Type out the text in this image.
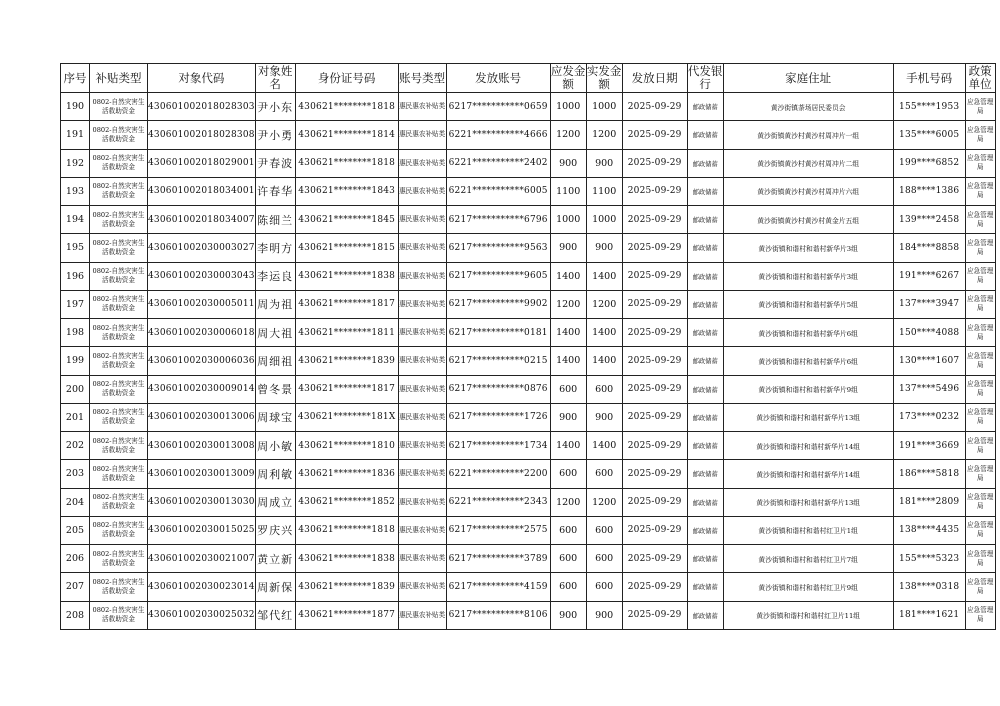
序号	补贴类型	对象代码	对象姓名	身份证号码	账号类型	发放账号	应发金额	实发金额	发放日期	代发银行	家庭住址	手机号码	政策单位
190	0802-自然灾害生活救助资金	430601002018028303	尹小东	430621********1818	惠民惠农补贴类	6217***********0659	1000	1000	2025-09-29	邮政储蓄	黄沙街镇荼场居民委员会	155****1953	应急管理局
191	0802-自然灾害生活救助资金	430601002018028308	尹小勇	430621********1814	惠民惠农补贴类	6221***********4666	1200	1200	2025-09-29	邮政储蓄	黄沙街镇黄沙村黄沙村周冲片一组	135****6005	应急管理局
192	0802-自然灾害生活救助资金	430601002018029001	尹春波	430621********1818	惠民惠农补贴类	6221***********2402	900	900	2025-09-29	邮政储蓄	黄沙街镇黄沙村黄沙村周冲片二组	199****6852	应急管理局
193	0802-自然灾害生活救助资金	430601002018034001	许春华	430621********1843	惠民惠农补贴类	6221***********6005	1100	1100	2025-09-29	邮政储蓄	黄沙街镇黄沙村黄沙村周冲片六组	188****1386	应急管理局
194	0802-自然灾害生活救助资金	430601002018034007	陈细兰	430621********1845	惠民惠农补贴类	6217***********6796	1000	1000	2025-09-29	邮政储蓄	黄沙街镇黄沙村黄沙村黄金片五组	139****2458	应急管理局
195	0802-自然灾害生活救助资金	430601002030003027	李明方	430621********1815	惠民惠农补贴类	6217***********9563	900	900	2025-09-29	邮政储蓄	黄沙街镇和谐村和谐村新华片3组	184****8858	应急管理局
196	0802-自然灾害生活救助资金	430601002030003043	李运良	430621********1838	惠民惠农补贴类	6217***********9605	1400	1400	2025-09-29	邮政储蓄	黄沙街镇和谐村和谐村新华片3组	191****6267	应急管理局
197	0802-自然灾害生活救助资金	430601002030005011	周为祖	430621********1817	惠民惠农补贴类	6217***********9902	1200	1200	2025-09-29	邮政储蓄	黄沙街镇和谐村和谐村新华片5组	137****3947	应急管理局
198	0802-自然灾害生活救助资金	430601002030006018	周大祖	430621********1811	惠民惠农补贴类	6217***********0181	1400	1400	2025-09-29	邮政储蓄	黄沙街镇和谐村和谐村新华片6组	150****4088	应急管理局
199	0802-自然灾害生活救助资金	430601002030006036	周细祖	430621********1839	惠民惠农补贴类	6217***********0215	1400	1400	2025-09-29	邮政储蓄	黄沙街镇和谐村和谐村新华片6组	130****1607	应急管理局
200	0802-自然灾害生活救助资金	430601002030009014	曾冬景	430621********1817	惠民惠农补贴类	6217***********0876	600	600	2025-09-29	邮政储蓄	黄沙街镇和谐村和谐村新华片9组	137****5496	应急管理局
201	0802-自然灾害生活救助资金	430601002030013006	周球宝	430621********181X	惠民惠农补贴类	6217***********1726	900	900	2025-09-29	邮政储蓄	黄沙街镇和谐村和谐村新华片13组	173****0232	应急管理局
202	0802-自然灾害生活救助资金	430601002030013008	周小敏	430621********1810	惠民惠农补贴类	6217***********1734	1400	1400	2025-09-29	邮政储蓄	黄沙街镇和谐村和谐村新华片14组	191****3669	应急管理局
203	0802-自然灾害生活救助资金	430601002030013009	周利敏	430621********1836	惠民惠农补贴类	6221***********2200	600	600	2025-09-29	邮政储蓄	黄沙街镇和谐村和谐村新华片14组	186****5818	应急管理局
204	0802-自然灾害生活救助资金	430601002030013030	周成立	430621********1852	惠民惠农补贴类	6221***********2343	1200	1200	2025-09-29	邮政储蓄	黄沙街镇和谐村和谐村新华片13组	181****2809	应急管理局
205	0802-自然灾害生活救助资金	430601002030015025	罗庆兴	430621********1818	惠民惠农补贴类	6217***********2575	600	600	2025-09-29	邮政储蓄	黄沙街镇和谐村和谐村红卫片1组	138****4435	应急管理局
206	0802-自然灾害生活救助资金	430601002030021007	黄立新	430621********1838	惠民惠农补贴类	6217***********3789	600	600	2025-09-29	邮政储蓄	黄沙街镇和谐村和谐村红卫片7组	155****5323	应急管理局
207	0802-自然灾害生活救助资金	430601002030023014	周新保	430621********1839	惠民惠农补贴类	6217***********4159	600	600	2025-09-29	邮政储蓄	黄沙街镇和谐村和谐村红卫片9组	138****0318	应急管理局
208	0802-自然灾害生活救助资金	430601002030025032	邹代红	430621********1877	惠民惠农补贴类	6217***********8106	900	900	2025-09-29	邮政储蓄	黄沙街镇和谐村和谐村红卫片11组	181****1621	应急管理局
